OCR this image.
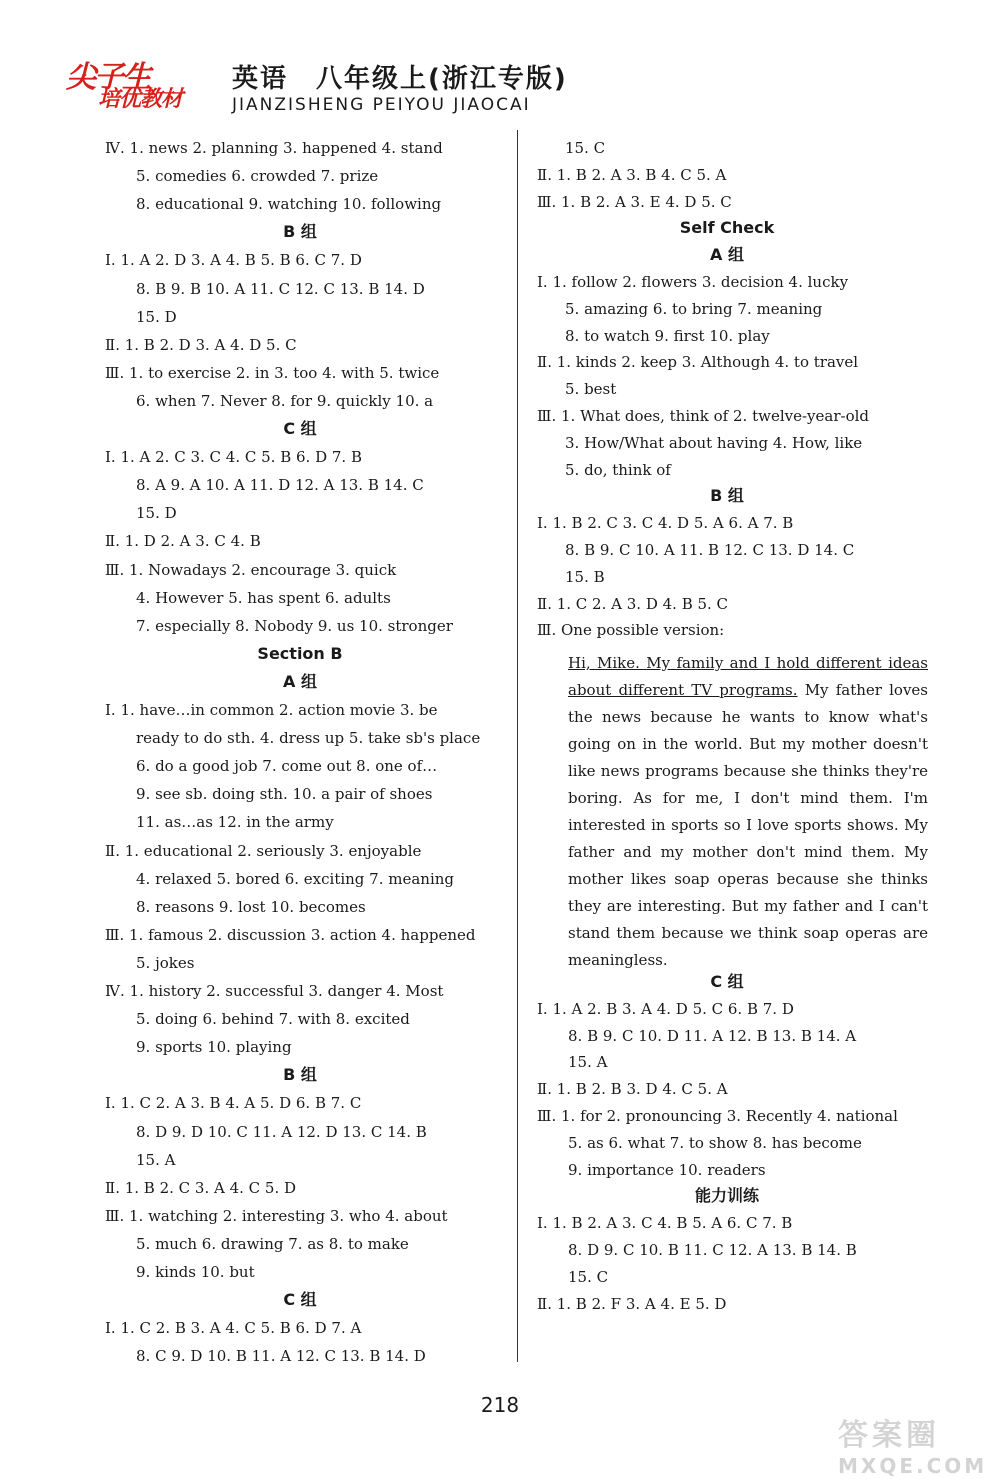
尖子生
培优教材
英语　八年级上(浙江专版)
JIANZISHENG PEIYOU JIAOCAI
Ⅳ. 1. news 2. planning 3. happened 4. stand
5. comedies 6. crowded 7. prize
8. educational 9. watching 10. following
B 组
Ⅰ. 1. A 2. D 3. A 4. B 5. B 6. C 7. D
8. B 9. B 10. A 11. C 12. C 13. B 14. D
15. D
Ⅱ. 1. B 2. D 3. A 4. D 5. C
Ⅲ. 1. to exercise 2. in 3. too 4. with 5. twice
6. when 7. Never 8. for 9. quickly 10. a
C 组
Ⅰ. 1. A 2. C 3. C 4. C 5. B 6. D 7. B
8. A 9. A 10. A 11. D 12. A 13. B 14. C
15. D
Ⅱ. 1. D 2. A 3. C 4. B
Ⅲ. 1. Nowadays 2. encourage 3. quick
4. However 5. has spent 6. adults
7. especially 8. Nobody 9. us 10. stronger
Section B
A 组
Ⅰ. 1. have…in common 2. action movie 3. be
ready to do sth. 4. dress up 5. take sb's place
6. do a good job 7. come out 8. one of…
9. see sb. doing sth. 10. a pair of shoes
11. as…as 12. in the army
Ⅱ. 1. educational 2. seriously 3. enjoyable
4. relaxed 5. bored 6. exciting 7. meaning
8. reasons 9. lost 10. becomes
Ⅲ. 1. famous 2. discussion 3. action 4. happened
5. jokes
Ⅳ. 1. history 2. successful 3. danger 4. Most
5. doing 6. behind 7. with 8. excited
9. sports 10. playing
B 组
Ⅰ. 1. C 2. A 3. B 4. A 5. D 6. B 7. C
8. D 9. D 10. C 11. A 12. D 13. C 14. B
15. A
Ⅱ. 1. B 2. C 3. A 4. C 5. D
Ⅲ. 1. watching 2. interesting 3. who 4. about
5. much 6. drawing 7. as 8. to make
9. kinds 10. but
C 组
Ⅰ. 1. C 2. B 3. A 4. C 5. B 6. D 7. A
8. C 9. D 10. B 11. A 12. C 13. B 14. D
15. C
Ⅱ. 1. B 2. A 3. B 4. C 5. A
Ⅲ. 1. B 2. A 3. E 4. D 5. C
Self Check
A 组
Ⅰ. 1. follow 2. flowers 3. decision 4. lucky
5. amazing 6. to bring 7. meaning
8. to watch 9. first 10. play
Ⅱ. 1. kinds 2. keep 3. Although 4. to travel
5. best
Ⅲ. 1. What does, think of 2. twelve-year-old
3. How/What about having 4. How, like
5. do, think of
B 组
Ⅰ. 1. B 2. C 3. C 4. D 5. A 6. A 7. B
8. B 9. C 10. A 11. B 12. C 13. D 14. C
15. B
Ⅱ. 1. C 2. A 3. D 4. B 5. C
Ⅲ. One possible version:
Hi, Mike. My family and I hold different ideas about different TV programs. My father loves the news because he wants to know what's going on in the world. But my mother doesn't like news programs because she thinks they're boring. As for me, I don't mind them. I'm interested in sports so I love sports shows. My father and my mother don't mind them. My mother likes soap operas because she thinks they are interesting. But my father and I can't stand them because we think soap operas are meaningless.
C 组
Ⅰ. 1. A 2. B 3. A 4. D 5. C 6. B 7. D
8. B 9. C 10. D 11. A 12. B 13. B 14. A
15. A
Ⅱ. 1. B 2. B 3. D 4. C 5. A
Ⅲ. 1. for 2. pronouncing 3. Recently 4. national
5. as 6. what 7. to show 8. has become
9. importance 10. readers
能力训练
Ⅰ. 1. B 2. A 3. C 4. B 5. A 6. C 7. B
8. D 9. C 10. B 11. C 12. A 13. B 14. B
15. C
Ⅱ. 1. B 2. F 3. A 4. E 5. D
218
答案圈
MXQE.COM
